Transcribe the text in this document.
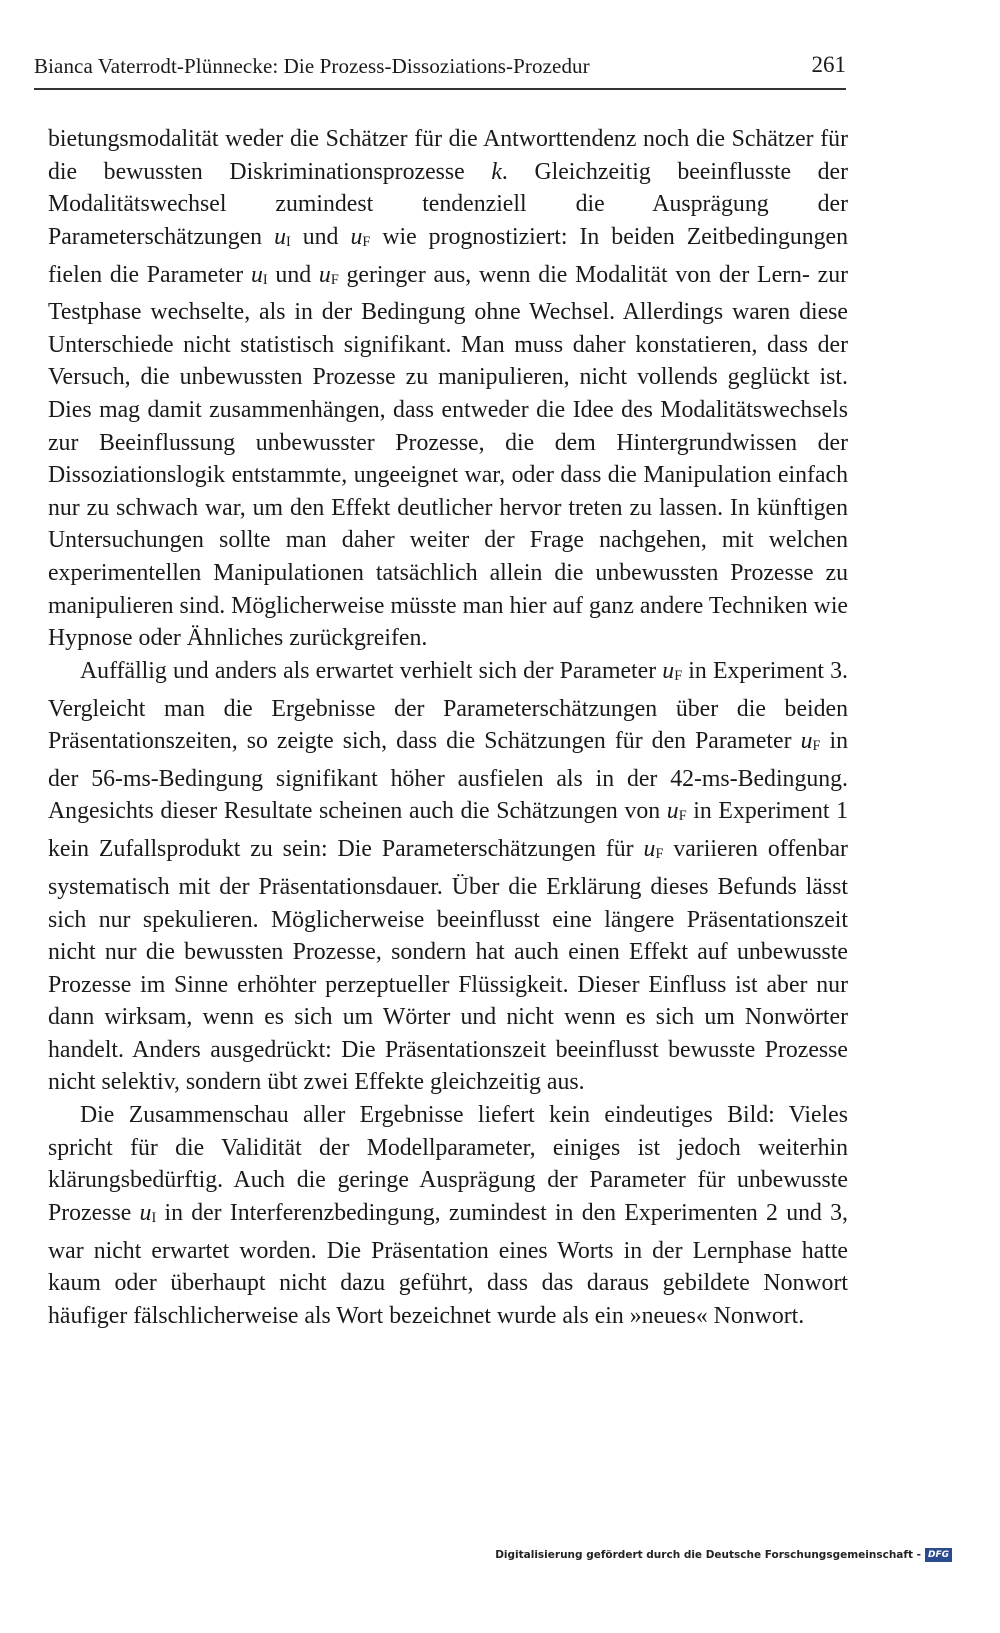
Bianca Vaterrodt-Plünnecke: Die Prozess-Dissoziations-Prozedur	261

bietungsmodalität weder die Schätzer für die Antworttendenz noch die Schätzer für die bewussten Diskriminationsprozesse k. Gleichzeitig beeinflusste der Modalitätswechsel zumindest tendenziell die Ausprägung der Parameterschätzungen uI und uF wie prognostiziert: In beiden Zeitbedingungen fielen die Parameter uI und uF geringer aus, wenn die Modalität von der Lern- zur Testphase wechselte, als in der Bedingung ohne Wechsel. Allerdings waren diese Unterschiede nicht statistisch signifikant. Man muss daher konstatieren, dass der Versuch, die unbewussten Prozesse zu manipulieren, nicht vollends geglückt ist. Dies mag damit zusammenhängen, dass entweder die Idee des Modalitätswechsels zur Beeinflussung unbewusster Prozesse, die dem Hintergrundwissen der Dissoziationslogik entstammte, ungeeignet war, oder dass die Manipulation einfach nur zu schwach war, um den Effekt deutlicher hervor treten zu lassen. In künftigen Untersuchungen sollte man daher weiter der Frage nachgehen, mit welchen experimentellen Manipulationen tatsächlich allein die unbewussten Prozesse zu manipulieren sind. Möglicherweise müsste man hier auf ganz andere Techniken wie Hypnose oder Ähnliches zurückgreifen.

Auffällig und anders als erwartet verhielt sich der Parameter uF in Experiment 3. Vergleicht man die Ergebnisse der Parameterschätzungen über die beiden Präsentationszeiten, so zeigte sich, dass die Schätzungen für den Parameter uF in der 56-ms-Bedingung signifikant höher ausfielen als in der 42-ms-Bedingung. Angesichts dieser Resultate scheinen auch die Schätzungen von uF in Experiment 1 kein Zufallsprodukt zu sein: Die Parameterschätzungen für uF variieren offenbar systematisch mit der Präsentationsdauer. Über die Erklärung dieses Befunds lässt sich nur spekulieren. Möglicherweise beeinflusst eine längere Präsentationszeit nicht nur die bewussten Prozesse, sondern hat auch einen Effekt auf unbewusste Prozesse im Sinne erhöhter perzeptueller Flüssigkeit. Dieser Einfluss ist aber nur dann wirksam, wenn es sich um Wörter und nicht wenn es sich um Nonwörter handelt. Anders ausgedrückt: Die Präsentationszeit beeinflusst bewusste Prozesse nicht selektiv, sondern übt zwei Effekte gleichzeitig aus.

Die Zusammenschau aller Ergebnisse liefert kein eindeutiges Bild: Vieles spricht für die Validität der Modellparameter, einiges ist jedoch weiterhin klärungsbedürftig. Auch die geringe Ausprägung der Parameter für unbewusste Prozesse uI in der Interferenzbedingung, zumindest in den Experimenten 2 und 3, war nicht erwartet worden. Die Präsentation eines Worts in der Lernphase hatte kaum oder überhaupt nicht dazu geführt, dass das daraus gebildete Nonwort häufiger fälschlicherweise als Wort bezeichnet wurde als ein »neues« Nonwort.

Digitalisierung gefördert durch die Deutsche Forschungsgemeinschaft - DFG
